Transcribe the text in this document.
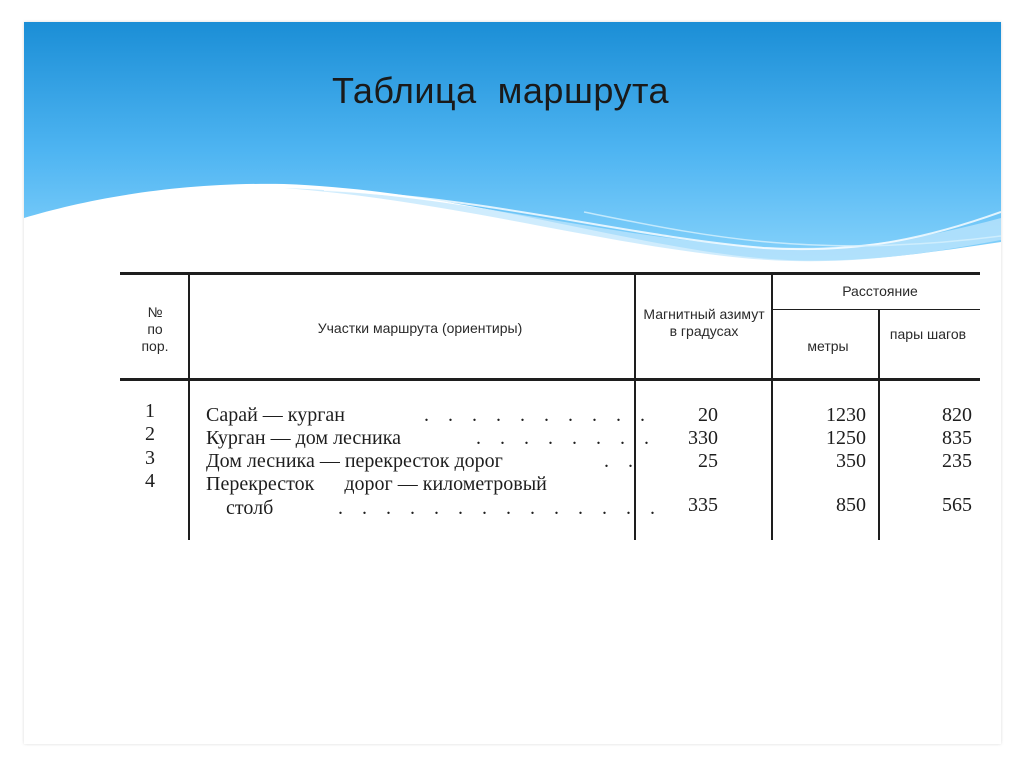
Таблица  маршрута
№ по пор.
Участки маршрута (ориентиры)
Магнитный азимут в градусах
Расстояние
метры
пары шагов
1	Сарай — курган	. . . . . . . . . .	20	1230	820
2	Курган — дом лесника	. . . . . . . .	330	1250	835
3	Дом лесника — перекресток дорог	. .	25	350	235
4	Перекресток      дорог — километровый
столб	. . . . . . . . . . . . . .	335	850	565
